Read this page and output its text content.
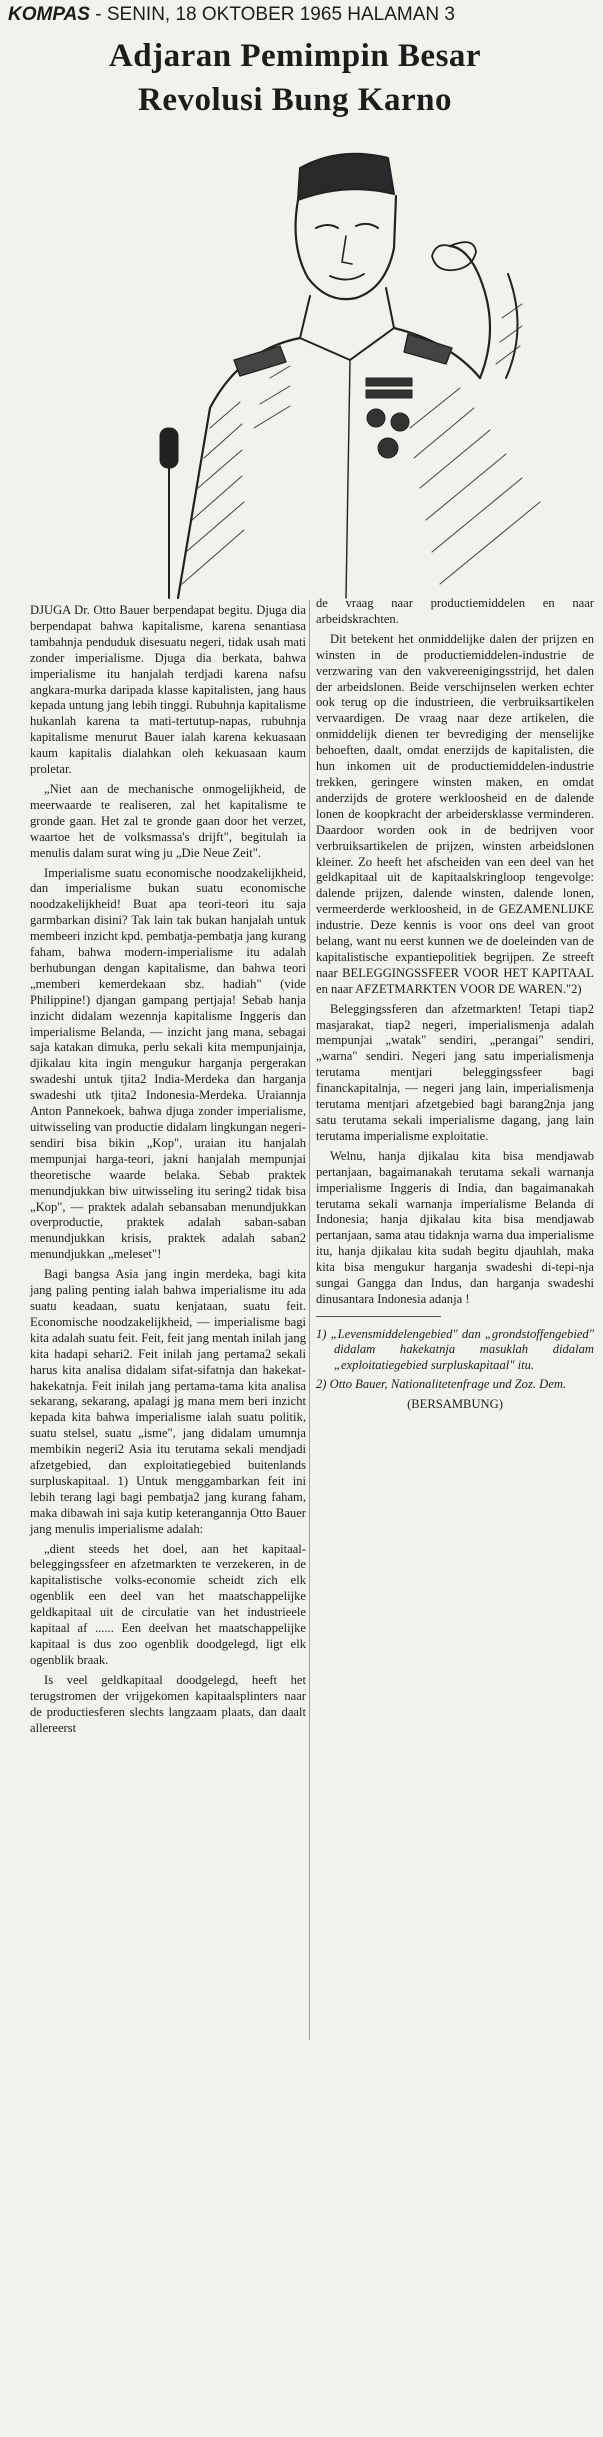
KOMPAS - SENIN, 18 OKTOBER 1965 HALAMAN 3
Adjaran Pemimpin Besar
Revolusi Bung Karno

DJUGA Dr. Otto Bauer berpendapat begitu. Djuga dia berpendapat bahwa kapitalisme, karena senantiasa tambahnja penduduk disesuatu negeri, tidak usah mati zonder imperialisme. Djuga dia berkata, bahwa imperialisme itu hanjalah terdjadi karena nafsu angkara-murka daripada klasse kapitalisten, jang haus kepada untung jang lebih tinggi. Rubuhnja kapitalisme hukanlah karena ta mati-tertutup-napas, rubuhnja kapitalisme menurut Bauer ialah karena kekuasaan kaum kapitalis dialahkan oleh kekuasaan kaum proletar.

„Niet aan de mechanische onmogelijkheid, de meerwaarde te realiseren, zal het kapitalisme te gronde gaan. Het zal te gronde gaan door het verzet, waartoe het de volksmassa's drijft", begitulah ia menulis dalam surat wing ju „Die Neue Zeit".

Imperialisme suatu economische noodzakelijkheid, dan imperialisme bukan suatu economische noodzakelijkheid! Buat apa teori-teori itu saja garmbarkan disini? Tak lain tak bukan hanjalah untuk membeeri inzicht kpd. pembatja-pembatja jang kurang faham, bahwa modern-imperialisme itu adalah berhubungan dengan kapitalisme, dan bahwa teori „memberi kemerdekaan sbz. hadiah" (vide Philippine!) djangan gampang pertjaja! Sebab hanja inzicht didalam wezennja kapitalisme Inggeris dan imperialisme Belanda, — inzicht jang mana, sebagai saja katakan dimuka, perlu sekali kita mempunjainja, djikalau kita ingin mengukur harganja pergerakan swadeshi untuk tjita2 India-Merdeka dan harganja swadeshi utk tjita2 Indonesia-Merdeka. Uraiannja Anton Pannekoek, bahwa djuga zonder imperialisme, uitwisseling van productie didalam lingkungan negeri-sendiri bisa bikin „Kop", uraian itu hanjalah mempunjai harga-teori, jakni hanjalah mempunjai theoretische waarde belaka. Sebab praktek menundjukkan biw uitwisseling itu sering2 tidak bisa „Kop", — praktek adalah sebansaban menundjukkan overproductie, praktek adalah saban-saban menundjukkan krisis, praktek adalah saban2 menundjukkan „meleset"!

Bagi bangsa Asia jang ingin merdeka, bagi kita jang paling penting ialah bahwa imperialisme itu ada suatu keadaan, suatu kenjataan, suatu feit. Economische noodzakelijkheid, — imperialisme bagi kita adalah suatu feit. Feit, feit jang mentah inilah jang kita hadapi sehari2. Feit inilah jang pertama2 sekali harus kita analisa didalam sifat-sifatnja dan hakekat-hakekatnja. Feit inilah jang pertama-tama kita analisa sekarang, sekarang, apalagi jg mana mem beri inzicht kepada kita bahwa imperialisme ialah suatu politik, suatu stelsel, suatu „isme", jang didalam umumnja membikin negeri2 Asia itu terutama sekali mendjadi afzetgebied, dan exploitatiegebied buitenlands surpluskapitaal. 1) Untuk menggambarkan feit ini lebih terang lagi bagi pembatja2 jang kurang faham, maka dibawah ini saja kutip keterangannja Otto Bauer jang menulis imperialisme adalah:

„dient steeds het doel, aan het kapitaal-beleggingssfeer en afzetmarkten te verzekeren, in de kapitalistische volks-economie scheidt zich elk ogenblik een deel van het maatschappelijke geldkapitaal uit de circulatie van het industrieele kapitaal af ...... Een deelvan het maatschappelijke kapitaal is dus zoo ogenblik doodgelegd, ligt elk ogenblik braak.

Is veel geldkapitaal doodgelegd, heeft het terugstromen der vrijgekomen kapitaalsplinters naar de productiesferen slechts langzaam plaats, dan daalt allereerst

de vraag naar productiemiddelen en naar arbeidskrachten.

Dit betekent het onmiddelijke dalen der prijzen en winsten in de productiemiddelen-industrie de verzwaring van den vakvereenigingsstrijd, het dalen der arbeidslonen. Beide verschijnselen werken echter ook terug op die industrieen, die verbruiksartikelen vervaardigen. De vraag naar deze artikelen, die onmiddelijk dienen ter bevrediging der menselijke behoeften, daalt, omdat enerzijds de kapitalisten, die hun inkomen uit de productiemiddelen-industrie trekken, geringere winsten maken, en omdat anderzijds de grotere werkloosheid en de dalende lonen de koopkracht der arbeidersklasse verminderen. Daardoor worden ook in de bedrijven voor verbruiksartikelen de prijzen, winsten arbeidslonen kleiner. Zo heeft het afscheiden van een deel van het geldkapitaal uit de kapitaalskringloop tengevolge: dalende prijzen, dalende winsten, dalende lonen, vermeerderde werkloosheid, in de GEZAMENLIJKE industrie. Deze kennis is voor ons deel van groot belang, want nu eerst kunnen we de doeleinden van de kapitalistische expantiepolitiek begrijpen. Ze streeft naar BELEGGINGSSFEER VOOR HET KAPITAAL en naar AFZETMARKTEN VOOR DE WAREN."2)

Beleggingssferen dan afzetmarkten! Tetapi tiap2 masjarakat, tiap2 negeri, imperialismenja adalah mempunjai „watak" sendiri, „perangai" sendiri, „warna" sendiri. Negeri jang satu imperialismenja terutama mentjari beleggingssfeer bagi financkapitalnja, — negeri jang lain, imperialismenja terutama mentjari afzetgebied bagi barang2nja jang satu terutama sekali imperialisme dagang, jang lain terutama imperialisme exploitatie.

Welnu, hanja djikalau kita bisa mendjawab pertanjaan, bagaimanakah terutama sekali warnanja imperialisme Inggeris di India, dan bagaimanakah terutama sekali warnanja imperialisme Belanda di Indonesia; hanja djikalau kita bisa mendjawab pertanjaan, sama atau tidaknja warna dua imperialisme itu, hanja djikalau kita sudah begitu djauhlah, maka kita bisa mengukur harganja swadeshi di-tepi-nja sungai Gangga dan Indus, dan harganja swadeshi dinusantara Indonesia adanja !

1) „Levensmiddelengebied" dan „grondstoffengebied" didalam hakekatnja masuklah didalam „exploitatiegebied surpluskapitaal" itu.
2) Otto Bauer, Nationalitetenfrage und Zoz. Dem.

(BERSAMBUNG)
